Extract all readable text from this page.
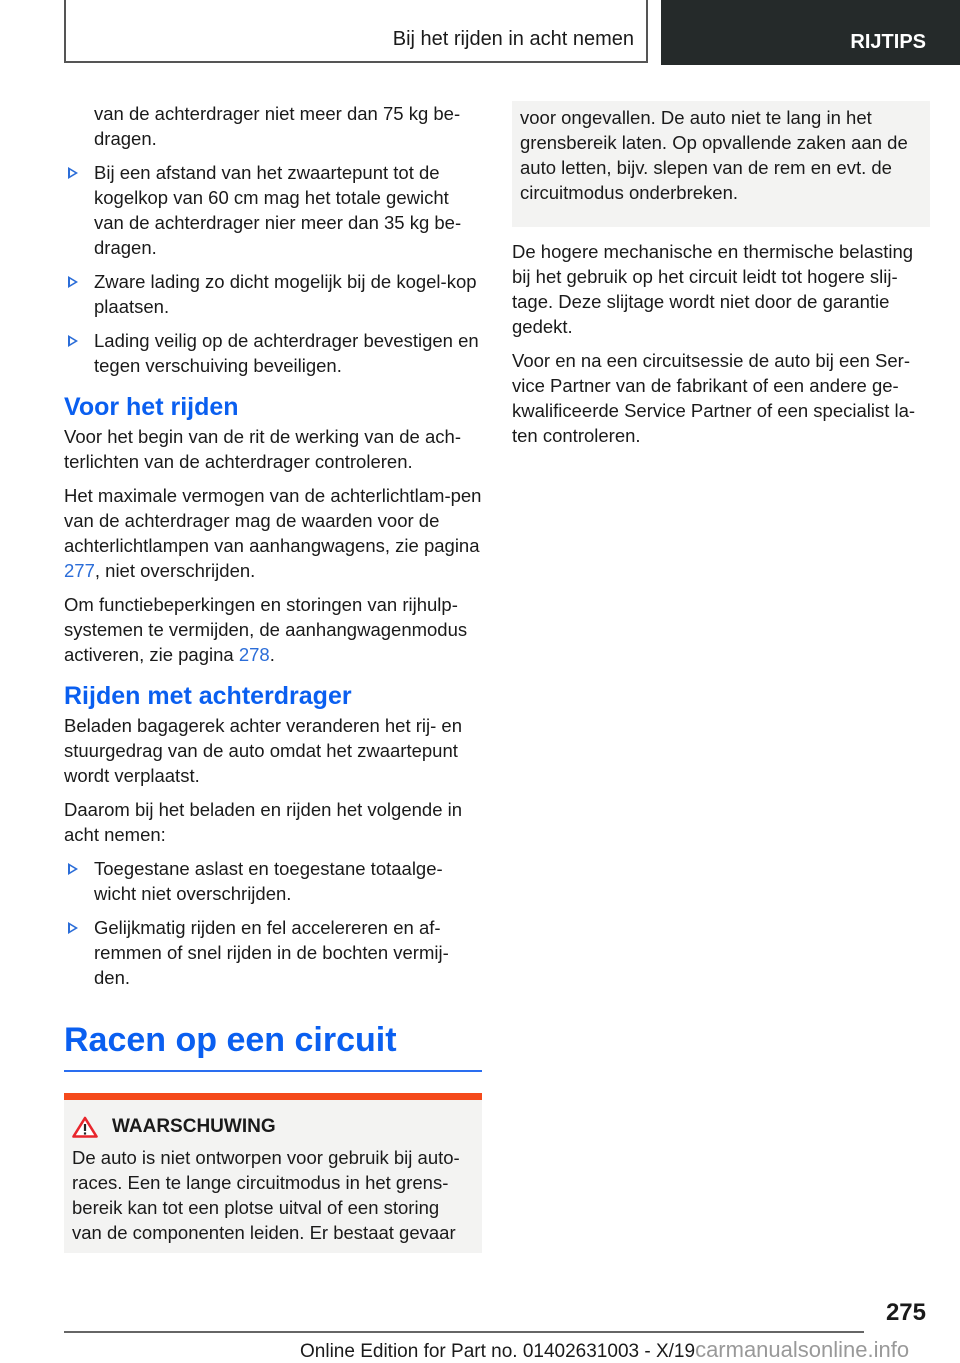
Bij het rijden in acht nemen	RIJTIPS

van de achterdrager niet meer dan 75 kg be-dragen.

Bij een afstand van het zwaartepunt tot de kogelkop van 60 cm mag het totale gewicht van de achterdrager nier meer dan 35 kg be-dragen.
Zware lading zo dicht mogelijk bij de kogel-kop plaatsen.
Lading veilig op de achterdrager bevestigen en tegen verschuiving beveiligen.
Voor het rijden

Voor het begin van de rit de werking van de ach-terlichten van de achterdrager controleren.

Het maximale vermogen van de achterlichtlam-pen van de achterdrager mag de waarden voor de achterlichtlampen van aanhangwagens, zie pagina 277, niet overschrijden.

Om functiebeperkingen en storingen van rijhulp-systemen te vermijden, de aanhangwagenmodus activeren, zie pagina 278.

Rijden met achterdrager

Beladen bagagerek achter veranderen het rij- en stuurgedrag van de auto omdat het zwaartepunt wordt verplaatst.

Daarom bij het beladen en rijden het volgende in acht nemen:

Toegestane aslast en toegestane totaalge-wicht niet overschrijden.
Gelijkmatig rijden en fel accelereren en af-remmen of snel rijden in de bochten vermij-den.
Racen op een circuit
WAARSCHUWING
De auto is niet ontworpen voor gebruik bij auto-races. Een te lange circuitmodus in het grens-bereik kan tot een plotse uitval of een storing van de componenten leiden. Er bestaat gevaar
voor ongevallen. De auto niet te lang in het grensbereik laten. Op opvallende zaken aan de auto letten, bijv. slepen van de rem en evt. de circuitmodus onderbreken.

De hogere mechanische en thermische belasting bij het gebruik op het circuit leidt tot hogere slij-tage. Deze slijtage wordt niet door de garantie gedekt.

Voor en na een circuitsessie de auto bij een Ser-vice Partner van de fabrikant of een andere ge-kwalificeerde Service Partner of een specialist la-ten controleren.

275
Online Edition for Part no. 01402631003 - X/19carmanualsonline.info
